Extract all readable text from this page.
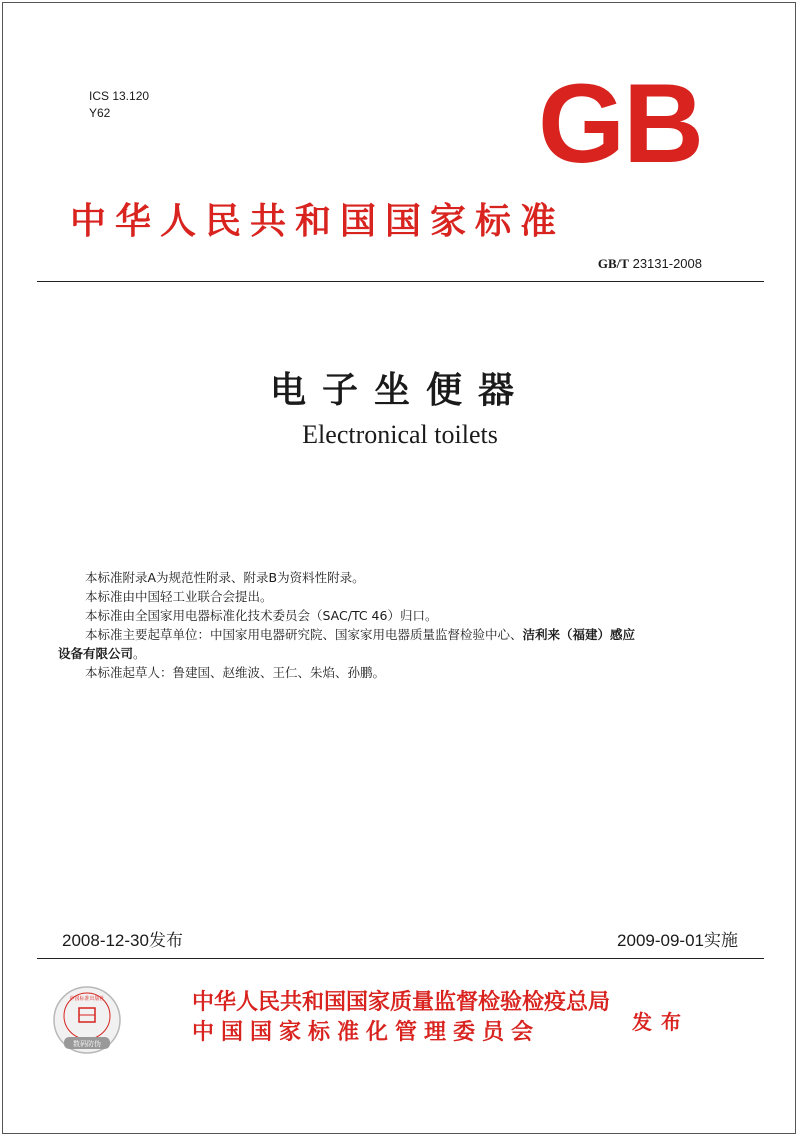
ICS 13.120
Y62	GB
中华人民共和国国家标准
GB/T 23131-2008
电子坐便器
Electronical toilets

本标准附录A为规范性附录、附录B为资料性附录。

本标准由中国轻工业联合会提出。

本标准由全国家用电器标准化技术委员会（SAC/TC 46）归口。

本标准主要起草单位：中国家用电器研究院、国家家用电器质量监督检验中心、洁利来（福建）感应

设备有限公司。

本标准起草人：鲁建国、赵维波、王仁、朱焰、孙鹏。

2008-12-30发布	2009-09-01实施
数码防伪
中国标准出版社	中华人民共和国国家质量监督检验检疫总局
中国国家标准化管理委员会	发布
